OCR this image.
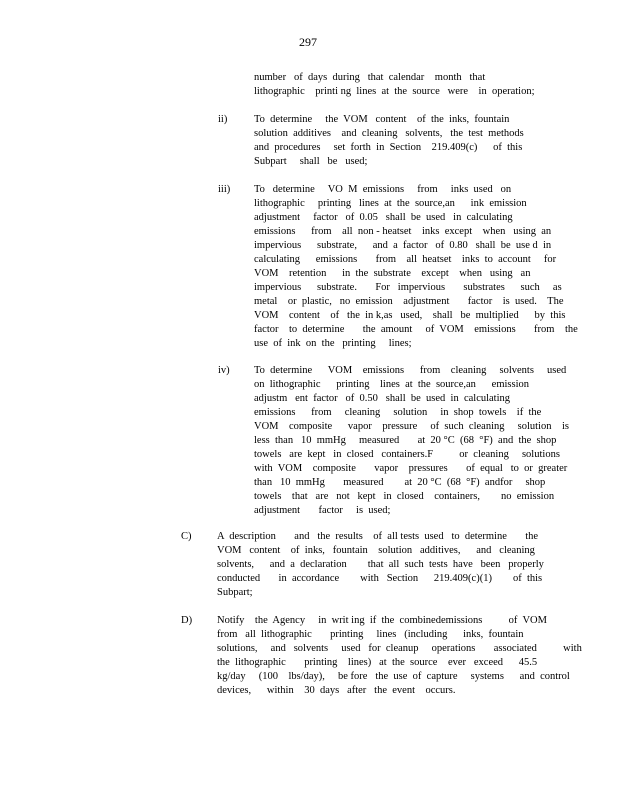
297
number   of  days  during   that  calendar    month   that
lithographic    printi ng  lines  at  the  source   were    in  operation;
ii)	To  determine     the  VOM   content    of  the  inks,  fountain
solution  additives    and  cleaning   solvents,   the  test  methods
and  procedures     set  forth  in  Section    219.409(c)      of  this
Subpart     shall   be   used;
iii) To   determine     VO  M  emissions     from     inks  used   on
lithographic     printing   lines  at  the  source,an      ink  emission
adjustment     factor   of  0.05   shall  be  used   in  calculating
emissions      from    all  non - heatset    inks  except    when   using  an
impervious      substrate,      and  a  factor   of  0.80   shall  be  use d  in
calculating      emissions       from    all  heatset    inks  to  account     for
VOM    retention      in  the  substrate    except    when   using   an
impervious      substrate.       For   impervious       substrates      such     as
metal    or  plastic,   no  emission    adjustment       factor    is  used.    The
VOM    content    of   the  in k,as   used,    shall   be  multiplied      by  this
factor    to  determine       the  amount     of  VOM    emissions       from    the
use  of  ink  on  the   printing     lines;
iv) To  determine      VOM    emissions      from    cleaning     solvents     used
on  lithographic      printing    lines  at  the  source,an      emission
adjustm   ent  factor   of  0.50   shall  be  used  in  calculating
emissions      from     cleaning     solution     in  shop  towels    if  the
VOM    composite      vapor    pressure     of  such  cleaning     solution    is
less  than   10  mmHg     measured       at  20 °C  (68  °F)  and  the  shop
towels   are  kept   in  closed   containers.F          or  cleaning     solutions
with  VOM    composite       vapor    pressures       of  equal   to  or  greater
than   10  mmHg       measured        at  20 °C  (68  °F)  andfor     shop
towels    that   are   not   kept   in  closed    containers,        no  emission
adjustment       factor     is  used;
C) A  description       and   the  results    of  all tests  used   to  determine       the
VOM   content    of  inks,   fountain    solution   additives,      and   cleaning
solvents,      and  a  declaration        that  all  such  tests  have   been   properly
conducted       in  accordance        with   Section      219.409(c)(1)        of  this
Subpart;
D) Notify    the  Agency     in  writ ing  if  the  combinedemissions          of  VOM
from   all  lithographic       printing     lines   (including      inks,  fountain
solutions,     and   solvents     used   for  cleanup     operations       associated          with
the  lithographic       printing    lines)   at  the  source    ever   exceed      45.5
kg/day     (100    lbs/day),     be fore   the  use  of  capture     systems      and  control
devices,      within    30  days   after   the  event    occurs.
